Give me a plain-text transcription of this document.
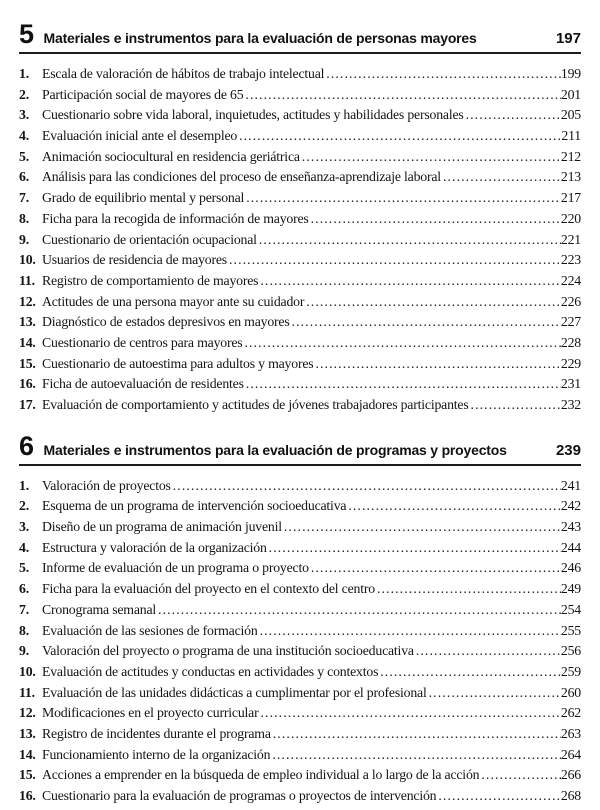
5 Materiales e instrumentos para la evaluación de personas mayores	197
1. Escala de valoración de hábitos de trabajo intelectual .....	199
2. Participación social de mayores de 65 .....	201
3. Cuestionario sobre vida laboral, inquietudes, actitudes y habilidades personales .....	205
4. Evaluación inicial ante el desempleo .....	211
5. Animación sociocultural en residencia geriátrica .....	212
6. Análisis para las condiciones del proceso de enseñanza-aprendizaje laboral .....	213
7. Grado de equilibrio mental y personal .....	217
8. Ficha para la recogida de información de mayores .....	220
9. Cuestionario de orientación ocupacional .....	221
10. Usuarios de residencia de mayores .....	223
11. Registro de comportamiento de mayores .....	224
12. Actitudes de una persona mayor ante su cuidador .....	226
13. Diagnóstico de estados depresivos en mayores .....	227
14. Cuestionario de centros para mayores .....	228
15. Cuestionario de autoestima para adultos y mayores .....	229
16. Ficha de autoevaluación de residentes .....	231
17. Evaluación de comportamiento y actitudes de jóvenes trabajadores participantes .....	232
6 Materiales e instrumentos para la evaluación de programas y proyectos	239
1. Valoración de proyectos .....	241
2. Esquema de un programa de intervención socioeducativa .....	242
3. Diseño de un programa de animación juvenil .....	243
4. Estructura y valoración de la organización .....	244
5. Informe de evaluación de un programa o proyecto .....	246
6. Ficha para la evaluación del proyecto en el contexto del centro .....	249
7. Cronograma semanal .....	254
8. Evaluación de las sesiones de formación .....	255
9. Valoración del proyecto o programa de una institución socioeducativa .....	256
10. Evaluación de actitudes y conductas en actividades y contextos .....	259
11. Evaluación de las unidades didácticas a cumplimentar por el profesional .....	260
12. Modificaciones en el proyecto curricular .....	262
13. Registro de incidentes durante el programa .....	263
14. Funcionamiento interno de la organización .....	264
15. Acciones a emprender en la búsqueda de empleo individual a lo largo de la acción .....	266
16. Cuestionario para la evaluación de programas o proyectos de intervención .....	268
